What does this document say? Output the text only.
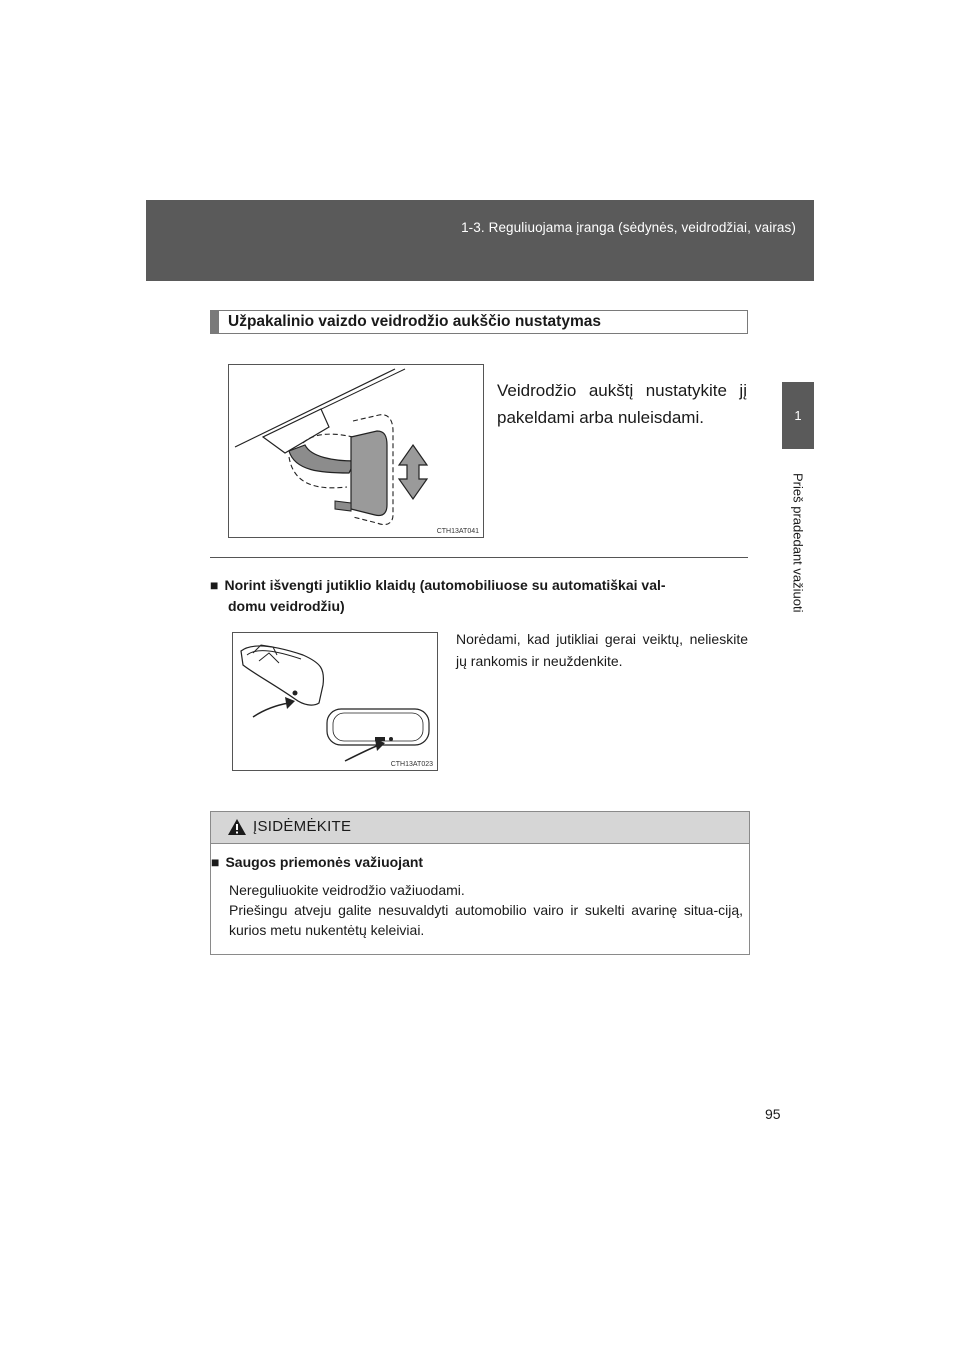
1-3. Reguliuojama įranga (sėdynės, veidrodžiai, vairas)
1
Prieš pradedant važiuoti
Užpakalinio vaizdo veidrodžio aukščio nustatymas
CTH13AT041
Veidrodžio aukštį nustatykite jį pakeldami arba nuleisdami.
■ Norint išvengti jutiklio klaidų (automobiliuose su automatiškai val-
domu veidrodžiu)
CTH13AT023
Norėdami, kad jutikliai gerai veiktų, nelieskite jų rankomis ir neuždenkite.
ĮSIDĖMĖKITE
■ Saugos priemonės važiuojant

Nereguliuokite veidrodžio važiuodami.

Priešingu atveju galite nesuvaldyti automobilio vairo ir sukelti avarinę situa-ciją, kurios metu nukentėtų keleiviai.

95
